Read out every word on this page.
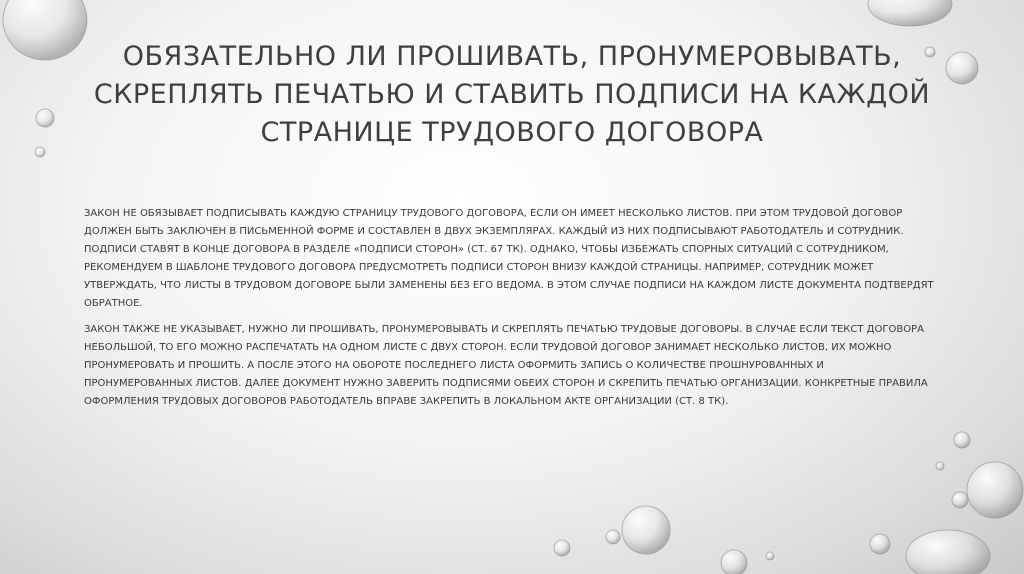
ОБЯЗАТЕЛЬНО ЛИ ПРОШИВАТЬ, ПРОНУМЕРОВЫВАТЬ, СКРЕПЛЯТЬ ПЕЧАТЬЮ И СТАВИТЬ ПОДПИСИ НА КАЖДОЙ СТРАНИЦЕ ТРУДОВОГО ДОГОВОРА

ЗАКОН НЕ ОБЯЗЫВАЕТ ПОДПИСЫВАТЬ КАЖДУЮ СТРАНИЦУ ТРУДОВОГО ДОГОВОРА, ЕСЛИ ОН ИМЕЕТ НЕСКОЛЬКО ЛИСТОВ. ПРИ ЭТОМ ТРУДОВОЙ ДОГОВОР ДОЛЖЕН БЫТЬ ЗАКЛЮЧЕН В ПИСЬМЕННОЙ ФОРМЕ И СОСТАВЛЕН В ДВУХ ЭКЗЕМПЛЯРАХ. КАЖДЫЙ ИЗ НИХ ПОДПИСЫВАЮТ РАБОТОДАТЕЛЬ И СОТРУДНИК. ПОДПИСИ СТАВЯТ В КОНЦЕ ДОГОВОРА В РАЗДЕЛЕ «ПОДПИСИ СТОРОН» (СТ. 67 ТК). ОДНАКО, ЧТОБЫ ИЗБЕЖАТЬ СПОРНЫХ СИТУАЦИЙ С СОТРУДНИКОМ, РЕКОМЕНДУЕМ В ШАБЛОНЕ ТРУДОВОГО ДОГОВОРА ПРЕДУСМОТРЕТЬ ПОДПИСИ СТОРОН ВНИЗУ КАЖДОЙ СТРАНИЦЫ. НАПРИМЕР, СОТРУДНИК МОЖЕТ УТВЕРЖДАТЬ, ЧТО ЛИСТЫ В ТРУДОВОМ ДОГОВОРЕ БЫЛИ ЗАМЕНЕНЫ БЕЗ ЕГО ВЕДОМА. В ЭТОМ СЛУЧАЕ ПОДПИСИ НА КАЖДОМ ЛИСТЕ ДОКУМЕНТА ПОДТВЕРДЯТ ОБРАТНОЕ.

ЗАКОН ТАКЖЕ НЕ УКАЗЫВАЕТ, НУЖНО ЛИ ПРОШИВАТЬ, ПРОНУМЕРОВЫВАТЬ И СКРЕПЛЯТЬ ПЕЧАТЬЮ ТРУДОВЫЕ ДОГОВОРЫ. В СЛУЧАЕ ЕСЛИ ТЕКСТ ДОГОВОРА НЕБОЛЬШОЙ, ТО ЕГО МОЖНО РАСПЕЧАТАТЬ НА ОДНОМ ЛИСТЕ С ДВУХ СТОРОН. ЕСЛИ ТРУДОВОЙ ДОГОВОР ЗАНИМАЕТ НЕСКОЛЬКО ЛИСТОВ, ИХ МОЖНО ПРОНУМЕРОВАТЬ И ПРОШИТЬ. А ПОСЛЕ ЭТОГО НА ОБОРОТЕ ПОСЛЕДНЕГО ЛИСТА ОФОРМИТЬ ЗАПИСЬ О КОЛИЧЕСТВЕ ПРОШНУРОВАННЫХ И ПРОНУМЕРОВАННЫХ ЛИСТОВ. ДАЛЕЕ ДОКУМЕНТ НУЖНО ЗАВЕРИТЬ ПОДПИСЯМИ ОБЕИХ СТОРОН И СКРЕПИТЬ ПЕЧАТЬЮ ОРГАНИЗАЦИИ. КОНКРЕТНЫЕ ПРАВИЛА ОФОРМЛЕНИЯ ТРУДОВЫХ ДОГОВОРОВ РАБОТОДАТЕЛЬ ВПРАВЕ ЗАКРЕПИТЬ В ЛОКАЛЬНОМ АКТЕ ОРГАНИЗАЦИИ (СТ. 8 ТК).
